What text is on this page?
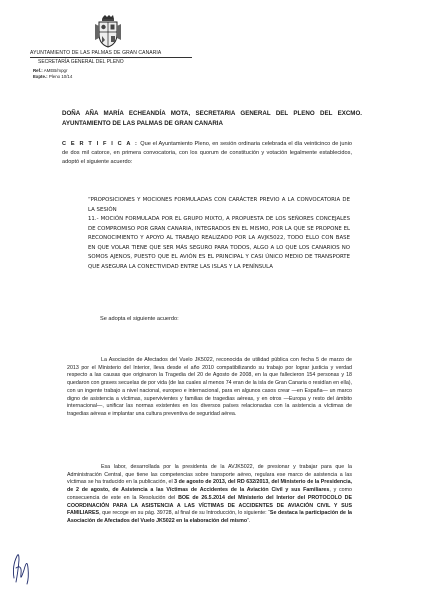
AYUNTAMIENTO DE LAS PALMAS DE GRAN CANARIA
SECRETARÍA GENERAL DEL PLENO
Ref.: AMEB/mpgr
Expte.: Pleno 10/14
DOÑA AÑA MARÍA ECHEANDÍA MOTA, SECRETARIA GENERAL DEL PLENO DEL EXCMO. AYUNTAMIENTO DE LAS PALMAS DE GRAN CANARIA
C E R T I F I C A : Que el Ayuntamiento Pleno, en sesión ordinaria celebrada el día veinticinco de junio de dos mil catorce, en primera convocatoria, con los quorum de constitución y votación legalmente establecidos, adoptó el siguiente acuerdo:
“PROPOSICIONES Y MOCIONES FORMULADAS CON CARÁCTER PREVIO A LA CONVOCATORIA DE LA SESIÓN
11.- MOCIÓN FORMULADA POR EL GRUPO MIXTO, A PROPUESTA DE LOS SEÑORES CONCEJALES DE COMPROMISO POR GRAN CANARIA, INTEGRADOS EN EL MISMO, POR LA QUE SE PROPONE EL RECONOCIMIENTO Y APOYO AL TRABAJO REALIZADO POR LA AVJK5022, TODO ELLO CON BASE EN QUE VOLAR TIENE QUE SER MÁS SEGURO PARA TODOS, ALGO A LO QUE LOS CANARIOS NO SOMOS AJENOS, PUESTO QUE EL AVIÓN ES EL PRINCIPAL Y CASI ÚNICO MEDIO DE TRANSPORTE QUE ASEGURA LA CONECTIVIDAD ENTRE LAS ISLAS Y LA PENÍNSULA
Se adopta el siguiente acuerdo:
La Asociación de Afectados del Vuelo JK5022, reconocida de utilidad pública con fecha 5 de marzo de 2013 por el Ministerio del Interior, lleva desde el año 2010 compatibilizando su trabajo por lograr justicia y verdad respecto a las causas que originaron la Tragedia del 20 de Agosto de 2008, en la que fallecieron 154 personas y 18 quedaron con graves secuelas de por vida (de las cuales al menos 74 eran de la isla de Gran Canaria o residían en ella), con un ingente trabajo a nivel nacional, europeo e internacional, para en algunos casos crear —en España— un marco digno de asistencia a víctimas, supervivientes y familias de tragedias aéreas, y en otros —Europa y resto del ámbito internacional—, unificar las normas existentes en los diversos países relacionadas con la asistencia a víctimas de tragedias aéreas e implantar una cultura preventiva de seguridad aérea.
Esa labor, desarrollada por la presidenta de la AVJK5022, de presionar y trabajar para que la Administración Central, que tiene las competencias sobre transporte aéreo, regulara ese marco de asistencia a las víctimas se ha traducido en la publicación, el 3 de agosto de 2013, del RD 632/2013, del Ministerio de la Presidencia, de 2 de agosto, de Asistencia a las Víctimas de Accidentes de la Aviación Civil y sus Familiares, y como consecuencia de este en la Resolución del BOE de 26.5.2014 del Ministerio del Interior del PROTOCOLO DE COORDINACIÓN PARA LA ASISTENCIA A LAS VÍCTIMAS DE ACCIDENTES DE AVIACIÓN CIVIL Y SUS FAMILIARES, que recoge en su pág. 39728, al final de su Introducción, lo siguiente: “Se destaca la participación de la Asociación de Afectados del Vuelo JK5022 en la elaboración del mismo”.
